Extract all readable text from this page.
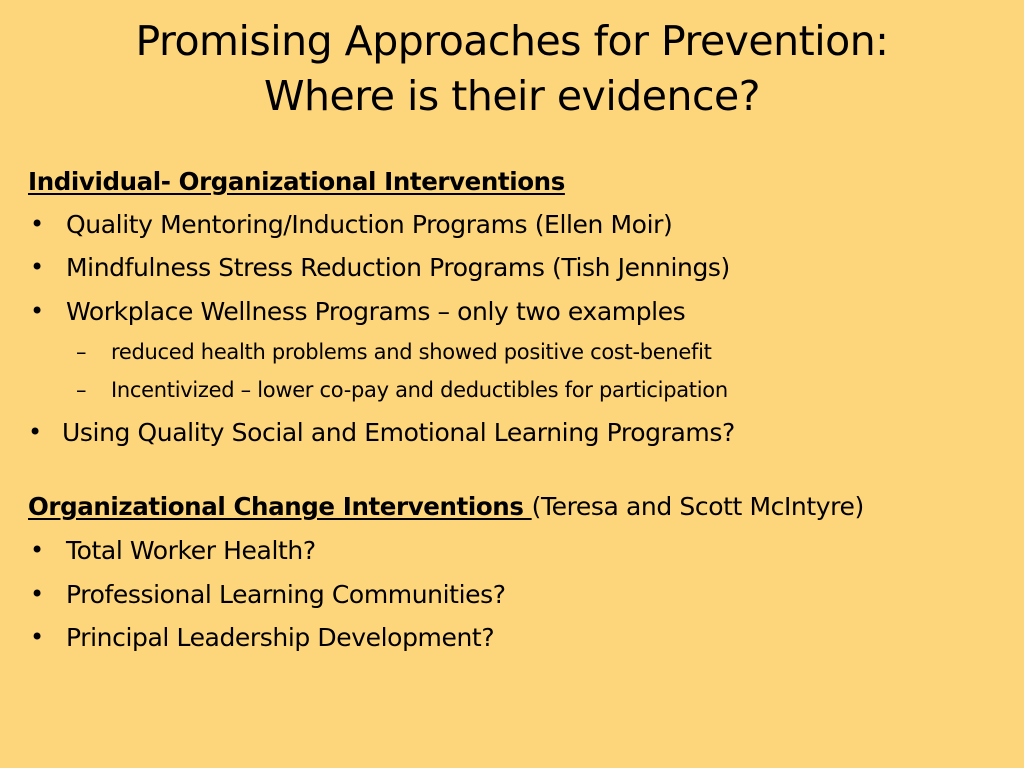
Promising Approaches for Prevention:
Where is their evidence?
Individual- Organizational Interventions
• Quality Mentoring/Induction Programs (Ellen Moir)
• Mindfulness Stress Reduction Programs (Tish Jennings)
• Workplace Wellness Programs – only two examples
– reduced health problems and showed positive cost-benefit
– Incentivized – lower co-pay and deductibles for participation
• Using Quality Social and Emotional Learning Programs?
Organizational Change Interventions (Teresa and Scott McIntyre)
• Total Worker Health?
• Professional Learning Communities?
• Principal Leadership Development?
